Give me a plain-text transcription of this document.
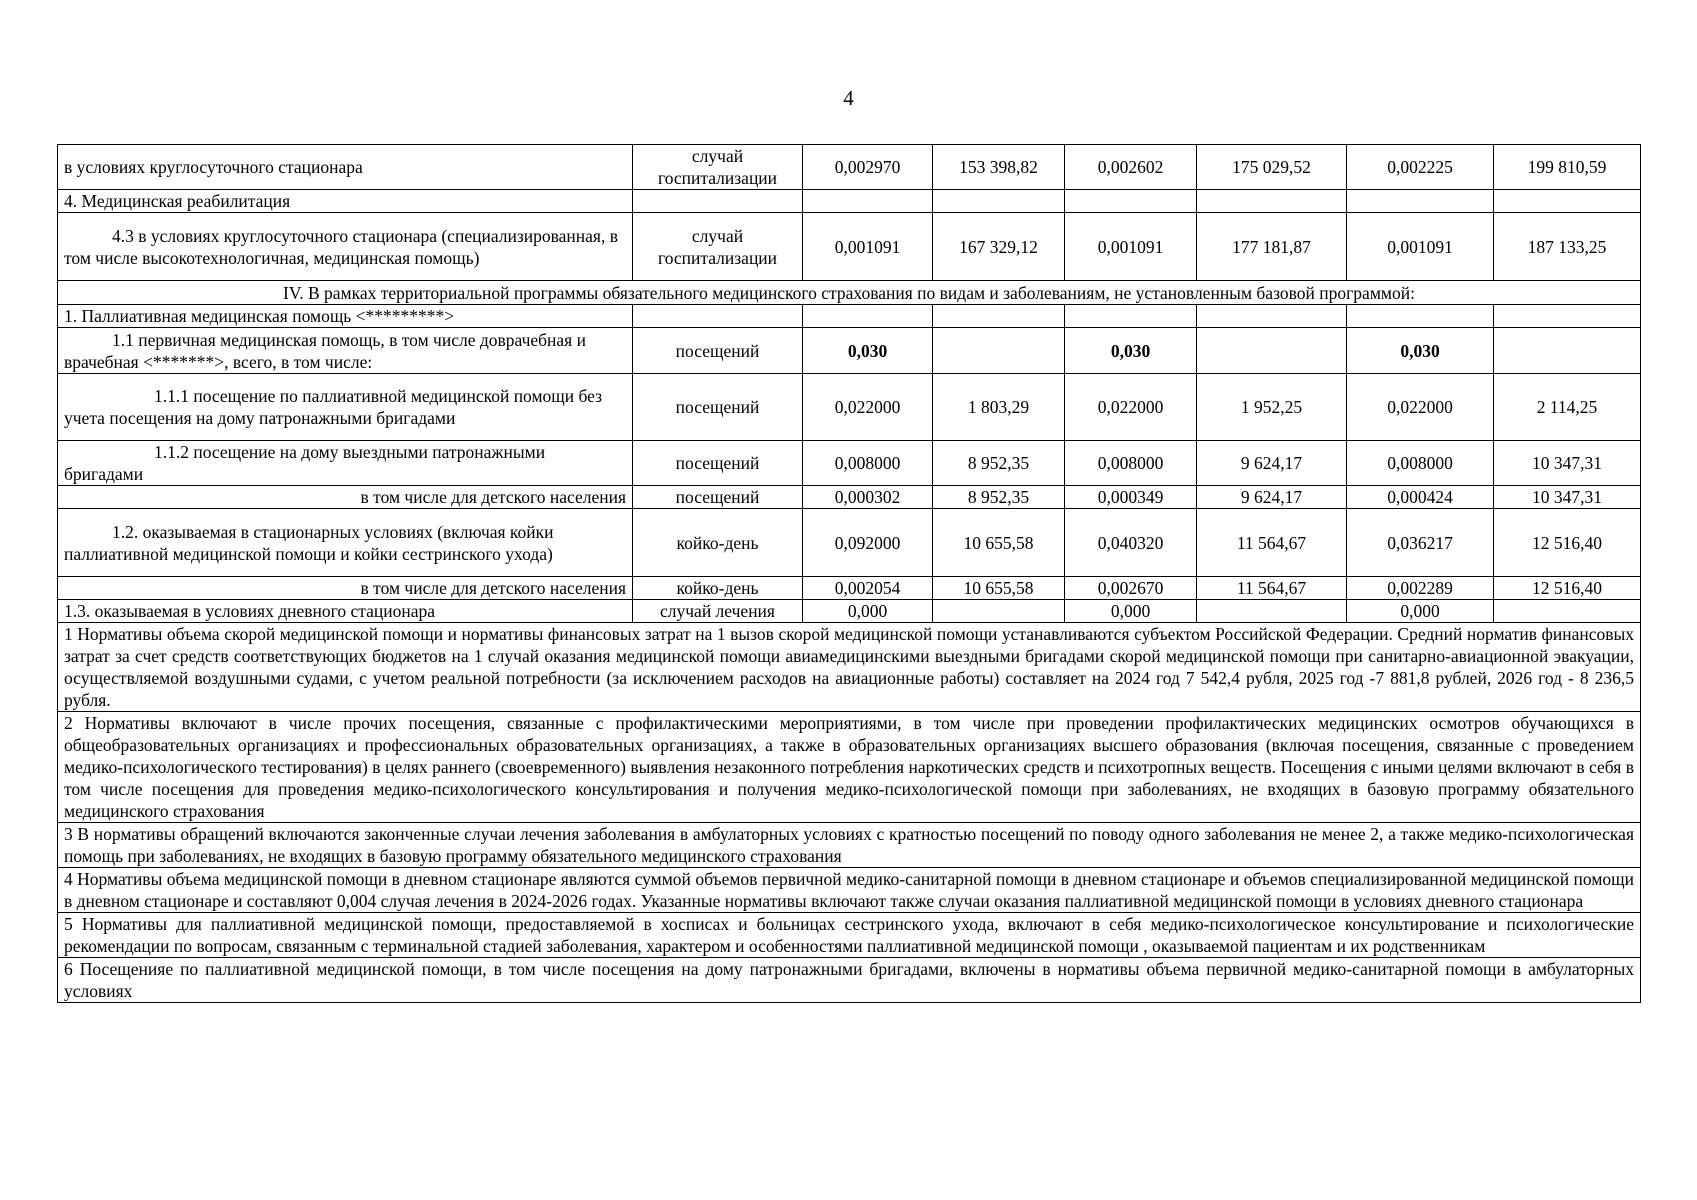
4
в условиях круглосуточного стационара	случай госпитализации	0,002970	153 398,82	0,002602	175 029,52	0,002225	199 810,59
4. Медицинская реабилитация							

4.3 в условиях круглосуточного стационара (специализированная, в том числе высокотехнологичная, медицинская помощь)	случай госпитализации	0,001091	167 329,12	0,001091	177 181,87	0,001091	187 133,25
IV. В рамках территориальной программы обязательного медицинского страхования по видам и заболеваниям, не установленным базовой программой:							
1. Паллиативная медицинская помощь <*********>							

1.1 первичная медицинская помощь, в том числе доврачебная и врачебная <*******>, всего, в том числе:	посещений	0,030		0,030		0,030	

1.1.1 посещение по паллиативной медицинской помощи без учета посещения на дому патронажными бригадами	посещений	0,022000	1 803,29	0,022000	1 952,25	0,022000	2 114,25

1.1.2 посещение на дому выездными патронажными бригадами	посещений	0,008000	8 952,35	0,008000	9 624,17	0,008000	10 347,31
в том числе для детского населения	посещений	0,000302	8 952,35	0,000349	9 624,17	0,000424	10 347,31

1.2. оказываемая в стационарных условиях (включая койки паллиативной медицинской помощи и койки сестринского ухода)	койко-день	0,092000	10 655,58	0,040320	11 564,67	0,036217	12 516,40
в том числе для детского населения	койко-день	0,002054	10 655,58	0,002670	11 564,67	0,002289	12 516,40
1.3. оказываемая в условиях дневного стационара	случай лечения	0,000		0,000		0,000	

1 Нормативы объема скорой медицинской помощи и нормативы финансовых затрат на 1 вызов скорой медицинской помощи устанавливаются субъектом Российской Федерации. Средний норматив финансовых затрат за счет средств соответствующих бюджетов на 1 случай оказания медицинской помощи авиамедицинскими выездными бригадами скорой медицинской помощи при санитарно-авиационной эвакуации, осуществляемой воздушными судами, с учетом реальной потребности (за исключением расходов на авиационные работы) составляет на 2024 год 7 542,4 рубля, 2025 год -7 881,8 рублей, 2026 год - 8 236,5 рубля.							

2 Нормативы включают в числе прочих посещения, связанные с профилактическими мероприятиями, в том числе при проведении профилактических медицинских осмотров обучающихся в общеобразовательных организациях и профессиональных образовательных организациях, а также в образовательных организациях высшего образования (включая посещения, связанные с проведением медико-психологического тестирования) в целях раннего (своевременного) выявления незаконного потребления наркотических средств и психотропных веществ. Посещения с иными целями включают в себя в том числе посещения для проведения медико-психологического консультирования и получения медико-психологической помощи при заболеваниях, не входящих в базовую программу обязательного медицинского страхования							

3 В нормативы обращений включаются законченные случаи лечения заболевания в амбулаторных условиях с кратностью посещений по поводу одного заболевания не менее 2, а также медико-психологическая помощь при заболеваниях, не входящих в базовую программу обязательного медицинского страхования							

4 Нормативы объема медицинской помощи в дневном стационаре являются суммой объемов первичной медико-санитарной помощи в дневном стационаре и объемов специализированной медицинской помощи в дневном стационаре и составляют 0,004 случая лечения в 2024-2026 годах. Указанные нормативы включают также случаи оказания паллиативной медицинской помощи в условиях дневного стационара							

5 Нормативы для паллиативной медицинской помощи, предоставляемой в хосписах и больницах сестринского ухода, включают в себя медико-психологическое консультирование и психологические рекомендации по вопросам, связанным с терминальной стадией заболевания, характером и особенностями паллиативной медицинской помощи , оказываемой пациентам и их родственникам							

6 Посещенияе по паллиативной медицинской помощи, в том числе посещения на дому патронажными бригадами, включены в нормативы объема первичной медико-санитарной помощи в амбулаторных условиях							
